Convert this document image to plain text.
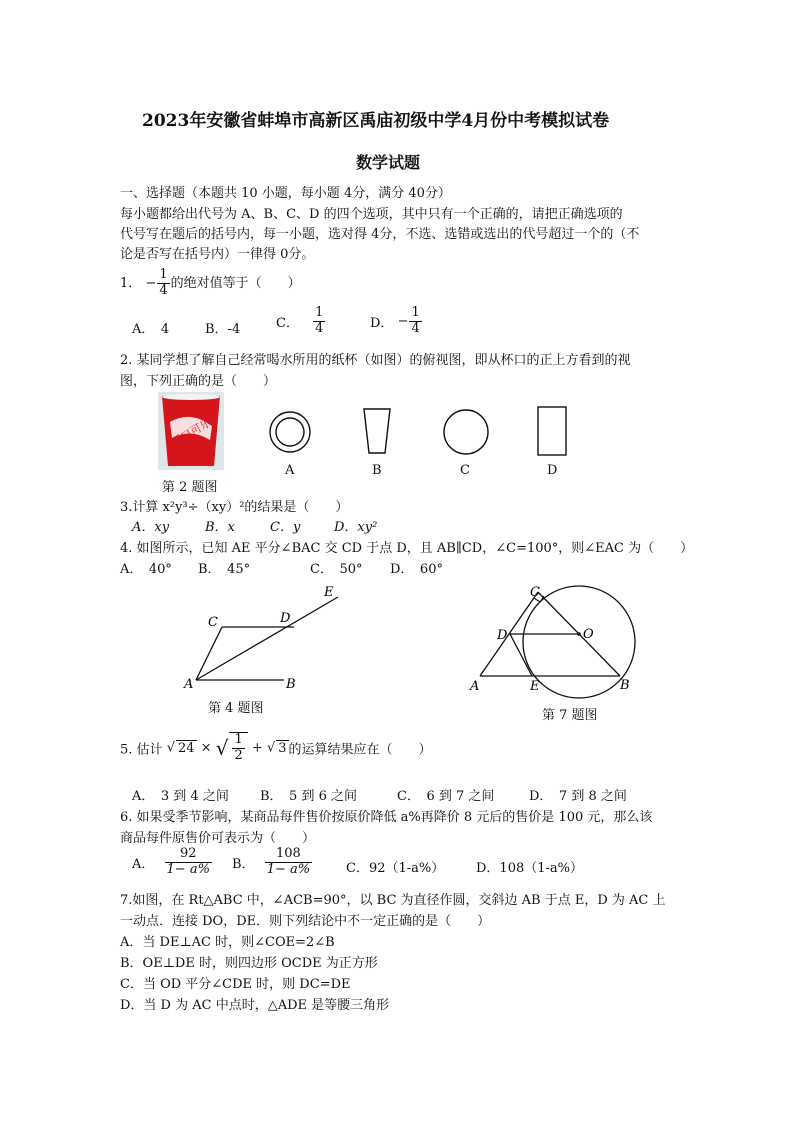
2023年安徽省蚌埠市高新区禹庙初级中学4月份中考模拟试卷
数学试题
一、选择题（本题共 10 小题，每小题 4分，满分 40分）
每小题都给出代号为 A、B、C、D 的四个选项，其中只有一个正确的，请把正确选项的
代号写在题后的括号内，每一小题，选对得 4分，不选、选错或选出的代号超过一个的（不
论是否写在括号内）一律得 0分。
1． − $\frac{1}{4}$ 的绝对值等于（　　）
A．　4	B．-4	C． $\frac{1}{4}$	D． − $\frac{1}{4}$
2. 某同学想了解自己经常喝水所用的纸杯（如图）的俯视图，即从杯口的正上方看到的视
图，下列正确的是（　　）
可口可乐
第 2 题图
A	B	C	D
3.计算 x²y³÷（xy）²的结果是（　　）
A．xy	B．x	C．y	D．xy²
4. 如图所示，已知 AE 平分∠BAC 交 CD 于点 D，且 AB∥CD，∠C=100°，则∠EAC 为（　　）
A．　40° B．　45°	C．　50° D．　60°
A	B
C	D
E
第 4 题图
A	B
C
D
E
O
第 7 题图
5. 估计 √ 24 × √ $\frac{1}{2}$ + √ 3 的运算结果应在（　　）
A．　3 到 4 之间 B．　5 到 6 之间	C．　6 到 7 之间	D．　7 到 8 之间
6. 如果受季节影响，某商品每件售价按原价降低 a%再降价 8 元后的售价是 100 元，那么该
商品每件原售价可表示为（　　）
A． $\frac{92}{1- a\%}$ B． $\frac{108}{1- a\%}$	C．92（1-a%） D．108（1-a%）
7.如图，在 Rt△ABC 中，∠ACB=90°，以 BC 为直径作圆，交斜边 AB 于点 E，D 为 AC 上
一动点．连接 DO，DE．则下列结论中不一定正确的是（　　）
A．当 DE⊥AC 时，则∠COE=2∠B
B．OE⊥DE 时，则四边形 OCDE 为正方形
C．当 OD 平分∠CDE 时，则 DC=DE
D．当 D 为 AC 中点时，△ADE 是等腰三角形
